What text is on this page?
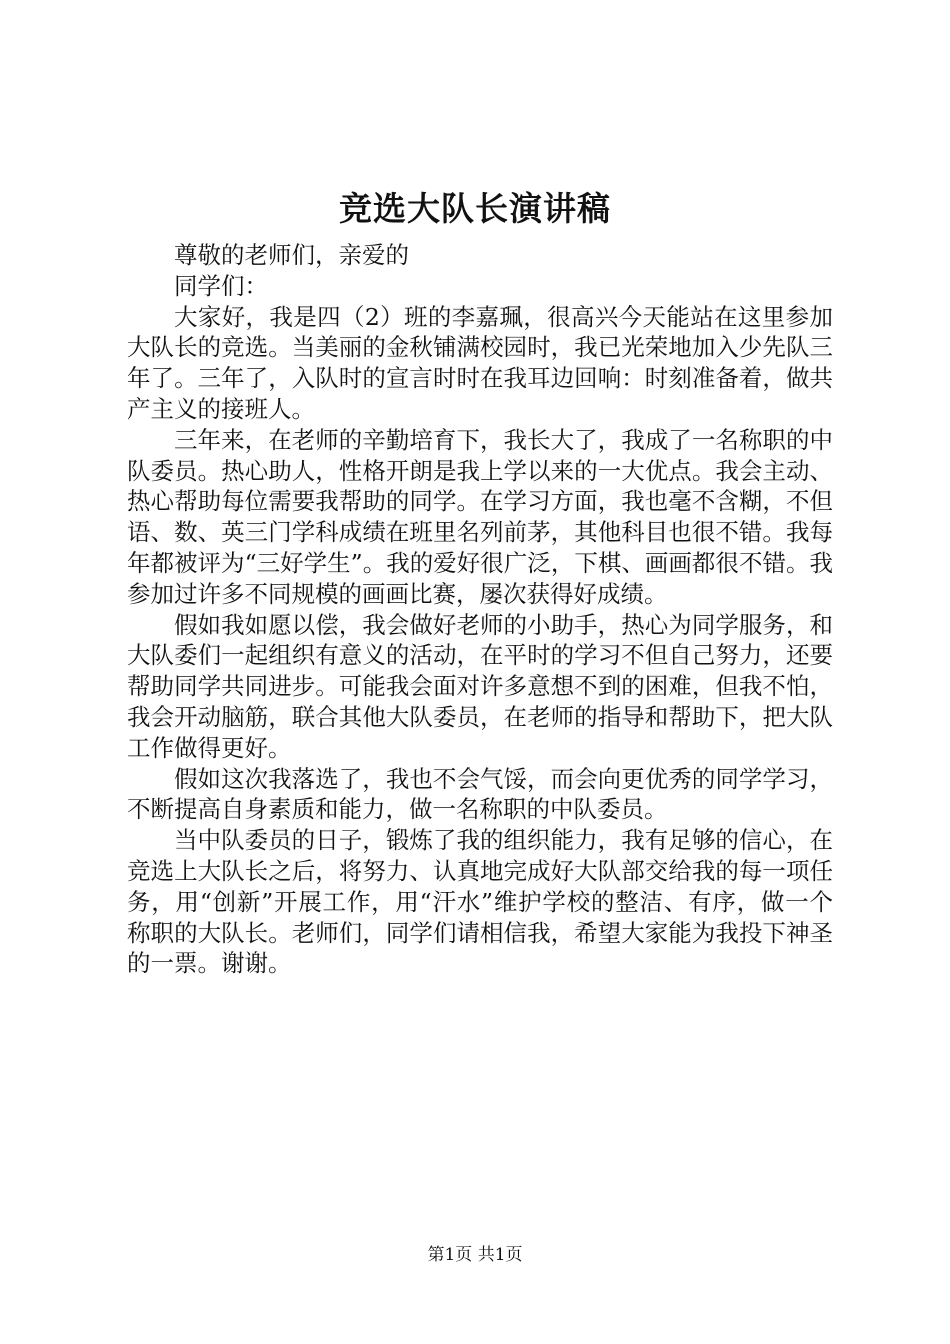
竞选大队长演讲稿

尊敬的老师们，亲爱的

同学们：

大家好，我是四（2）班的李嘉珮，很高兴今天能站在这里参加大队长的竞选。当美丽的金秋铺满校园时，我已光荣地加入少先队三年了。三年了，入队时的宣言时时在我耳边回响：时刻准备着，做共产主义的接班人。

三年来，在老师的辛勤培育下，我长大了，我成了一名称职的中队委员。热心助人，性格开朗是我上学以来的一大优点。我会主动、热心帮助每位需要我帮助的同学。在学习方面，我也毫不含糊，不但语、数、英三门学科成绩在班里名列前茅，其他科目也很不错。我每年都被评为“三好学生”。我的爱好很广泛，下棋、画画都很不错。我参加过许多不同规模的画画比赛，屡次获得好成绩。

假如我如愿以偿，我会做好老师的小助手，热心为同学服务，和大队委们一起组织有意义的活动，在平时的学习不但自己努力，还要帮助同学共同进步。可能我会面对许多意想不到的困难，但我不怕，我会开动脑筋，联合其他大队委员，在老师的指导和帮助下，把大队工作做得更好。

假如这次我落选了，我也不会气馁，而会向更优秀的同学学习，不断提高自身素质和能力，做一名称职的中队委员。

当中队委员的日子，锻炼了我的组织能力，我有足够的信心，在竞选上大队长之后，将努力、认真地完成好大队部交给我的每一项任务，用“创新”开展工作，用“汗水”维护学校的整洁、有序，做一个称职的大队长。老师们，同学们请相信我，希望大家能为我投下神圣的一票。谢谢。

第1页 共1页
